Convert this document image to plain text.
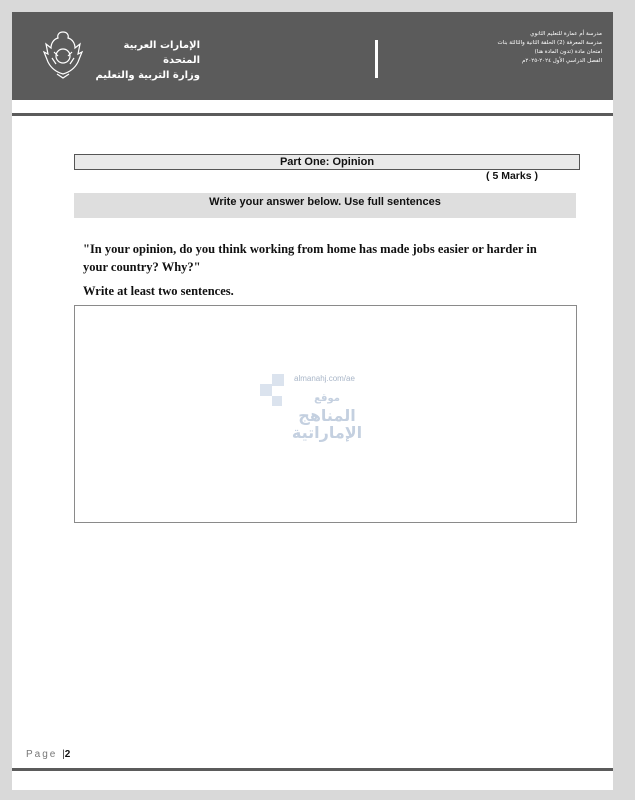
الإمارات العربية المتحدة
وزارة التربية والتعليم
مدرسة أم عمارة للتعليم الثانوي
مدرسة المعرفة (2) الحلقة الثانية والثالثة بنات
امتحان مادة (تدون المادة هنا)
الفصل الدراسي الأول ٢٠٢٤-٢٠٢٥م
Part One: Opinion
( 5 Marks )
Write your answer below. Use full sentences
"In your opinion, do you think working from home has made jobs easier or harder in your country? Why?"
Write at least two sentences.
almanahj.com/ae
موقع
المناهج الإماراتية
Page |2
